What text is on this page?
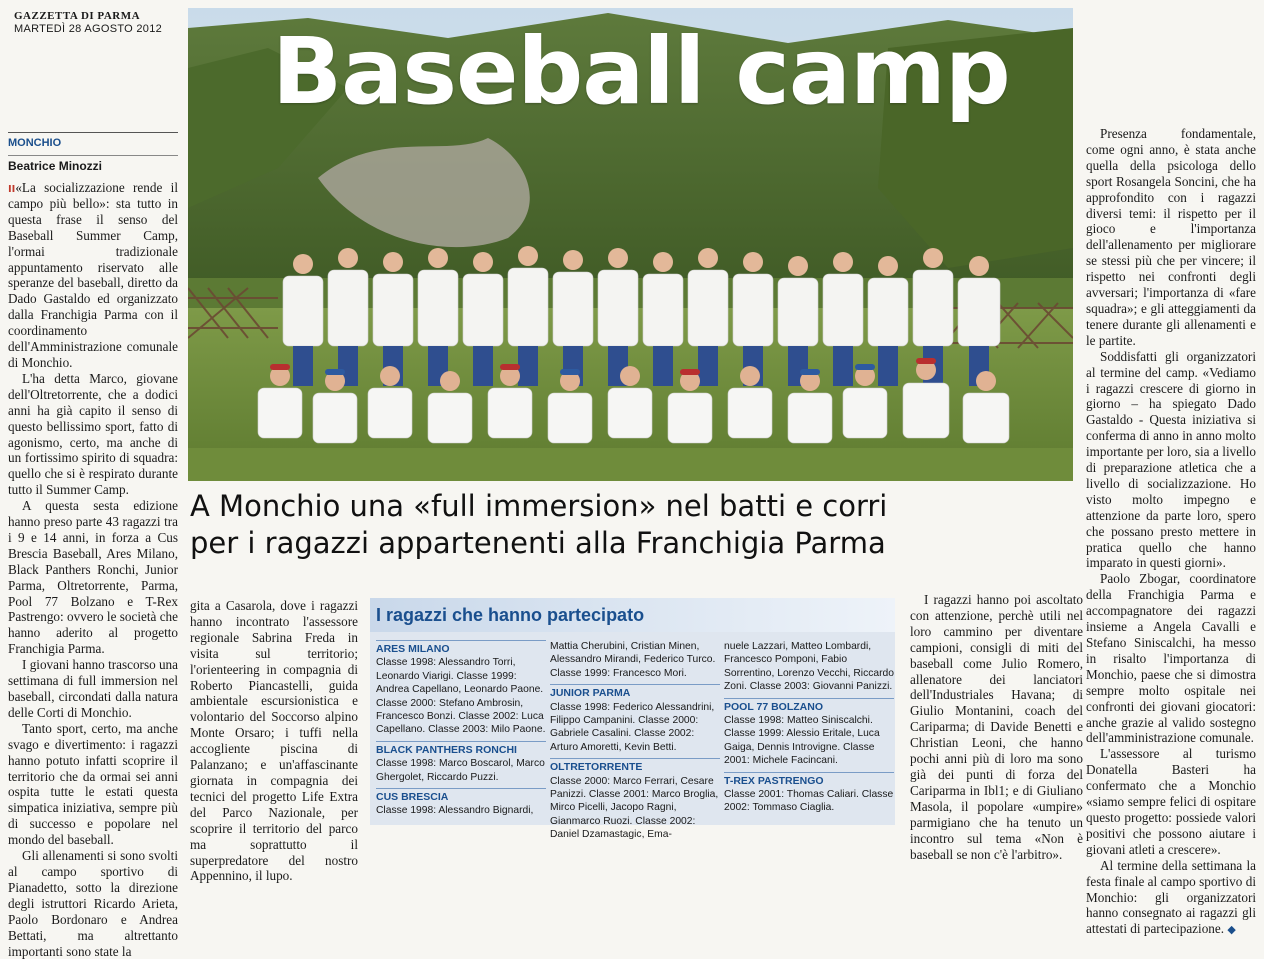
GAZZETTA DI PARMA
MARTEDÌ 28 AGOSTO 2012 Baseball camp
A Monchio una «full immersion» nel batti e corri
per i ragazzi appartenenti alla Franchigia Parma
MONCHIO
Beatrice Minozzi

ıı«La socializzazione rende il campo più bello»: sta tutto in questa frase il senso del Baseball Summer Camp, l'ormai tradizionale appuntamento riservato alle speranze del baseball, diretto da Dado Gastaldo ed organizzato dalla Franchigia Parma con il coordinamento dell'Amministrazione comunale di Monchio.

L'ha detta Marco, giovane dell'Oltretorrente, che a dodici anni ha già capito il senso di questo bellissimo sport, fatto di agonismo, certo, ma anche di un fortissimo spirito di squadra: quello che si è respirato durante tutto il Summer Camp.

A questa sesta edizione hanno preso parte 43 ragazzi tra i 9 e 14 anni, in forza a Cus Brescia Baseball, Ares Milano, Black Panthers Ronchi, Junior Parma, Oltretorrente, Parma, Pool 77 Bolzano e T-Rex Pastrengo: ovvero le società che hanno aderito al progetto Franchigia Parma.

I giovani hanno trascorso una settimana di full immersion nel baseball, circondati dalla natura delle Corti di Monchio.

Tanto sport, certo, ma anche svago e divertimento: i ragazzi hanno potuto infatti scoprire il territorio che da ormai sei anni ospita tutte le estati questa simpatica iniziativa, sempre più di successo e popolare nel mondo del baseball.

Gli allenamenti si sono svolti al campo sportivo di Pianadetto, sotto la direzione degli istruttori Ricardo Arieta, Paolo Bordonaro e Andrea Bettati, ma altrettanto importanti sono state la

gita a Casarola, dove i ragazzi hanno incontrato l'assessore regionale Sabrina Freda in visita sul territorio; l'orienteering in compagnia di Roberto Piancastelli, guida ambientale escursionistica e volontario del Soccorso alpino Monte Orsaro; i tuffi nella accogliente piscina di Palanzano; e un'affascinante giornata in compagnia dei tecnici del progetto Life Extra del Parco Nazionale, per scoprire il territorio del parco ma soprattutto il superpredatore del nostro Appennino, il lupo.

I ragazzi che hanno partecipato
ARES MILANO
Classe 1998: Alessandro Torri, Leonardo Viarigi. Classe 1999: Andrea Capellano, Leonardo Paone. Classe 2000: Stefano Ambrosin, Francesco Bonzi. Classe 2002: Luca Capellano. Classe 2003: Milo Paone.
BLACK PANTHERS RONCHI
Classe 1998: Marco Boscarol, Marco Ghergolet, Riccardo Puzzi.
CUS BRESCIA
Classe 1998: Alessandro Bignardi,
Mattia Cherubini, Cristian Minen, Alessandro Mirandi, Federico Turco. Classe 1999: Francesco Mori.
JUNIOR PARMA
Classe 1998: Federico Alessandrini, Filippo Campanini. Classe 2000: Gabriele Casalini. Classe 2002: Arturo Amoretti, Kevin Betti.
OLTRETORRENTE
Classe 2000: Marco Ferrari, Cesare Panizzi. Classe 2001: Marco Broglia, Mirco Picelli, Jacopo Ragni, Gianmarco Ruozi. Classe 2002: Daniel Dzamastagic, Ema-
nuele Lazzari, Matteo Lombardi, Francesco Pomponi, Fabio Sorrentino, Lorenzo Vecchi, Riccardo Zoni. Classe 2003: Giovanni Panizzi.
POOL 77 BOLZANO
Classe 1998: Matteo Siniscalchi. Classe 1999: Alessio Eritale, Luca Gaiga, Dennis Introvigne. Classe 2001: Michele Facincani.
T-REX PASTRENGO
Classe 2001: Thomas Caliari. Classe 2002: Tommaso Ciaglia.

I ragazzi hanno poi ascoltato con attenzione, perchè utili nel loro cammino per diventare campioni, consigli di miti del baseball come Julio Romero, allenatore dei lanciatori dell'Industriales Havana; di Giulio Montanini, coach del Cariparma; di Davide Benetti e Christian Leoni, che hanno pochi anni più di loro ma sono già dei punti di forza del Cariparma in Ibl1; e di Giuliano Masola, il popolare «umpire» parmigiano che ha tenuto un incontro sul tema «Non è baseball se non c'è l'arbitro».

Presenza fondamentale, come ogni anno, è stata anche quella della psicologa dello sport Rosangela Soncini, che ha approfondito con i ragazzi diversi temi: il rispetto per il gioco e l'importanza dell'allenamento per migliorare se stessi più che per vincere; il rispetto nei confronti degli avversari; l'importanza di «fare squadra»; e gli atteggiamenti da tenere durante gli allenamenti e le partite.

Soddisfatti gli organizzatori al termine del camp. «Vediamo i ragazzi crescere di giorno in giorno – ha spiegato Dado Gastaldo - Questa iniziativa si conferma di anno in anno molto importante per loro, sia a livello di preparazione atletica che a livello di socializzazione. Ho visto molto impegno e attenzione da parte loro, spero che possano presto mettere in pratica quello che hanno imparato in questi giorni».

Paolo Zbogar, coordinatore della Franchigia Parma e accompagnatore dei ragazzi insieme a Angela Cavalli e Stefano Siniscalchi, ha messo in risalto l'importanza di Monchio, paese che si dimostra sempre molto ospitale nei confronti dei giovani giocatori: anche grazie al valido sostegno dell'amministrazione comunale.

L'assessore al turismo Donatella Basteri ha confermato che a Monchio «siamo sempre felici di ospitare questo progetto: possiede valori positivi che possono aiutare i giovani atleti a crescere».

Al termine della settimana la festa finale al campo sportivo di Monchio: gli organizzatori hanno consegnato ai ragazzi gli attestati di partecipazione. ◆
